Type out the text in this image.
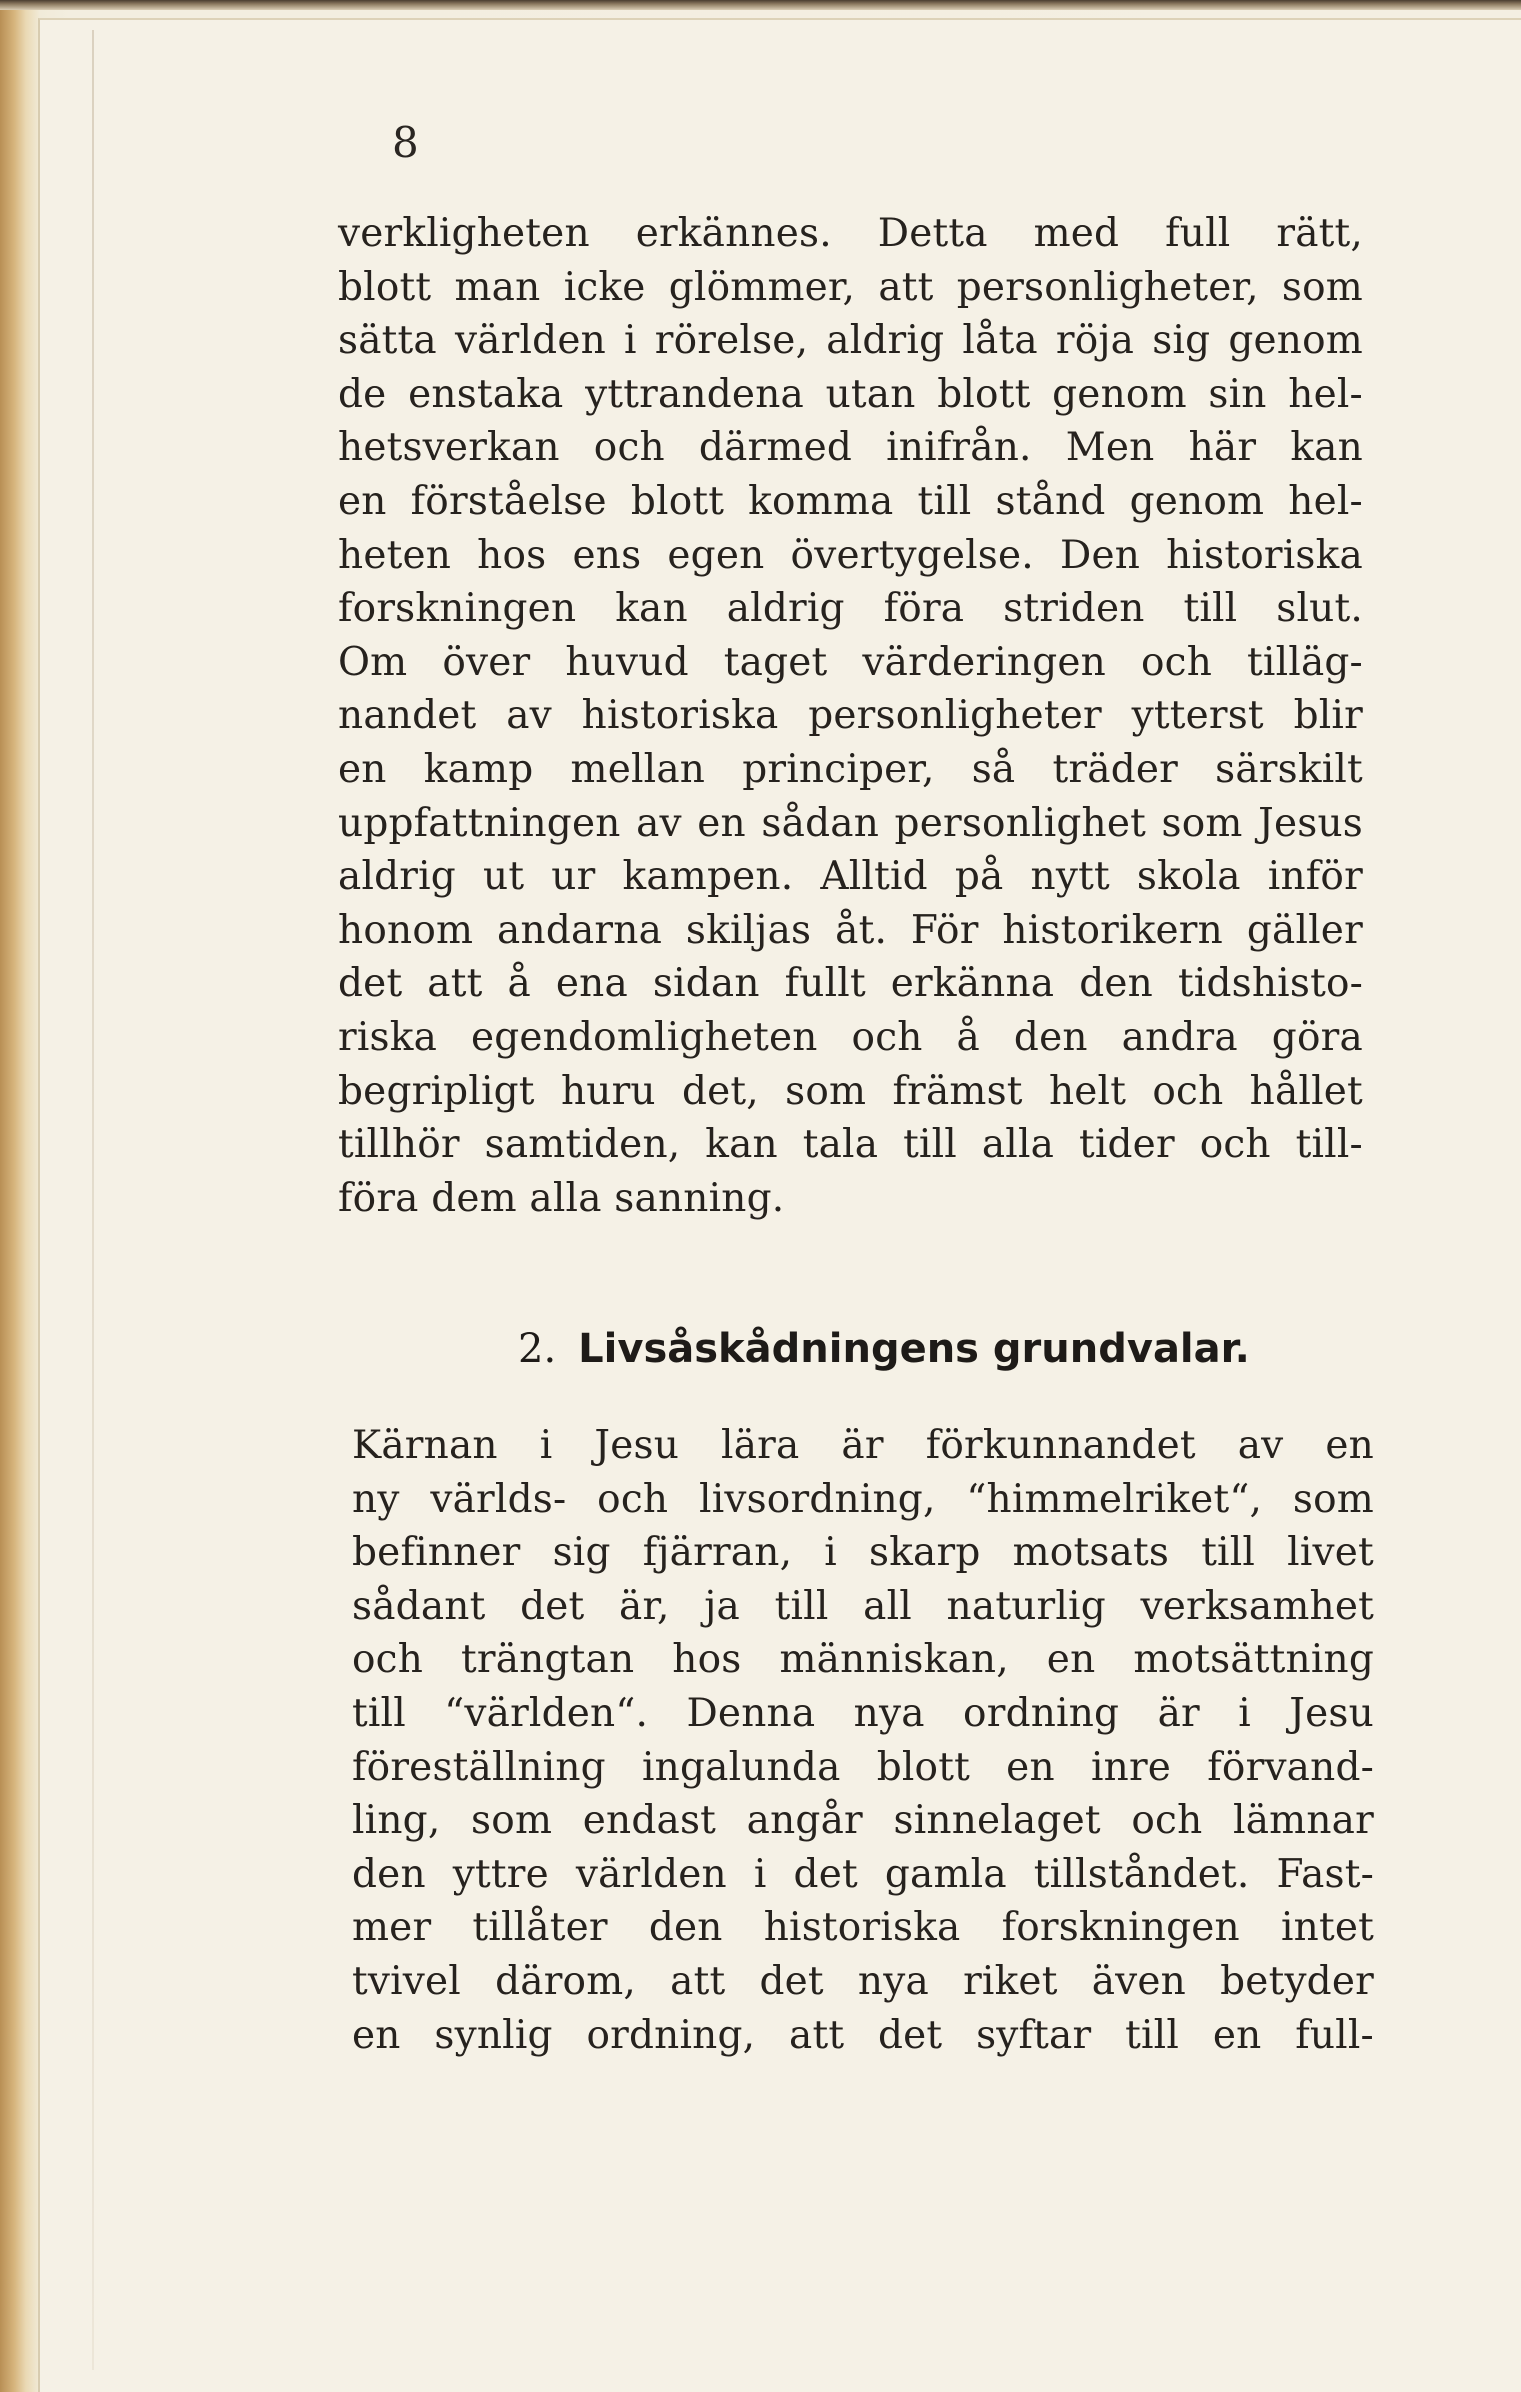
8
verkligheten erkännes. Detta med full rätt,
blott man icke glömmer, att personligheter, som
sätta världen i rörelse, aldrig låta röja sig genom
de enstaka yttrandena utan blott genom sin hel-
hetsverkan och därmed inifrån. Men här kan
en förståelse blott komma till stånd genom hel-
heten hos ens egen övertygelse. Den historiska
forskningen kan aldrig föra striden till slut.
Om över huvud taget värderingen och tilläg-
nandet av historiska personligheter ytterst blir
en kamp mellan principer, så träder särskilt
uppfattningen av en sådan personlighet som Jesus
aldrig ut ur kampen. Alltid på nytt skola inför
honom andarna skiljas åt. För historikern gäller
det att å ena sidan fullt erkänna den tidshisto-
riska egendomligheten och å den andra göra
begripligt huru det, som främst helt och hållet
tillhör samtiden, kan tala till alla tider och till-
föra dem alla sanning.
2. Livsåskådningens grundvalar.
Kärnan i Jesu lära är förkunnandet av en
ny världs- och livsordning, “himmelriket“, som
befinner sig fjärran, i skarp motsats till livet
sådant det är, ja till all naturlig verksamhet
och trängtan hos människan, en motsättning
till “världen“. Denna nya ordning är i Jesu
föreställning ingalunda blott en inre förvand-
ling, som endast angår sinnelaget och lämnar
den yttre världen i det gamla tillståndet. Fast-
mer tillåter den historiska forskningen intet
tvivel därom, att det nya riket även betyder
en synlig ordning, att det syftar till en full-
